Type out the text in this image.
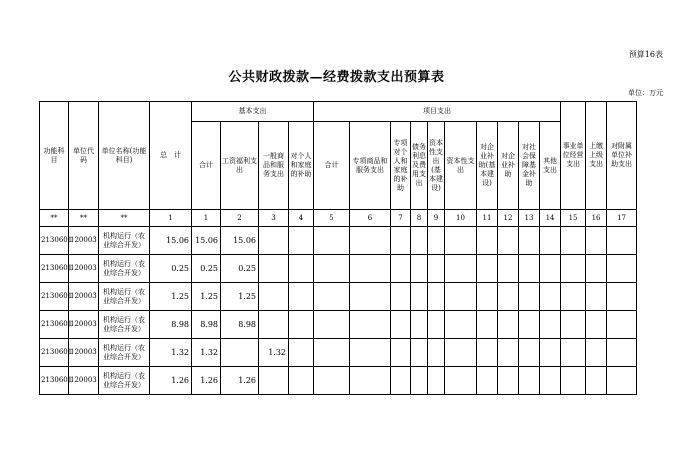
预算16表
公共财政拨款—经费拨款支出预算表
单位：万元
功能科目	单位代码	单位名称(功能科目)	总　计	基本支出				项目支出										事业单位经营支出	上缴上级支出	对附属单位补助支出
				合计	工资福利支出	一般商品和服务支出	对个人和家庭的补助	合计	专项商品和服务支出	专项对个人和家庭的补助	债务利息及费用支出	资本性支出(基本建设)	资本性支出	对企业补助(基本建设)	对企业补助	对社会保障基金补助	其他支出			
**	**	**	1	1	2	3	4	5	6	7	8	9	10	11	12	13	14	15	16	17
2130601	120003	机构运行（农业综合开发）	15.06	15.06	15.06															
2130601	120003	机构运行（农业综合开发）	0.25	0.25	0.25															
2130601	120003	机构运行（农业综合开发）	1.25	1.25	1.25															
2130601	120003	机构运行（农业综合开发）	8.98	8.98	8.98															
2130601	120003	机构运行（农业综合开发）	1.32	1.32		1.32														
2130601	120003	机构运行（农业综合开发）	1.26	1.26	1.26															
